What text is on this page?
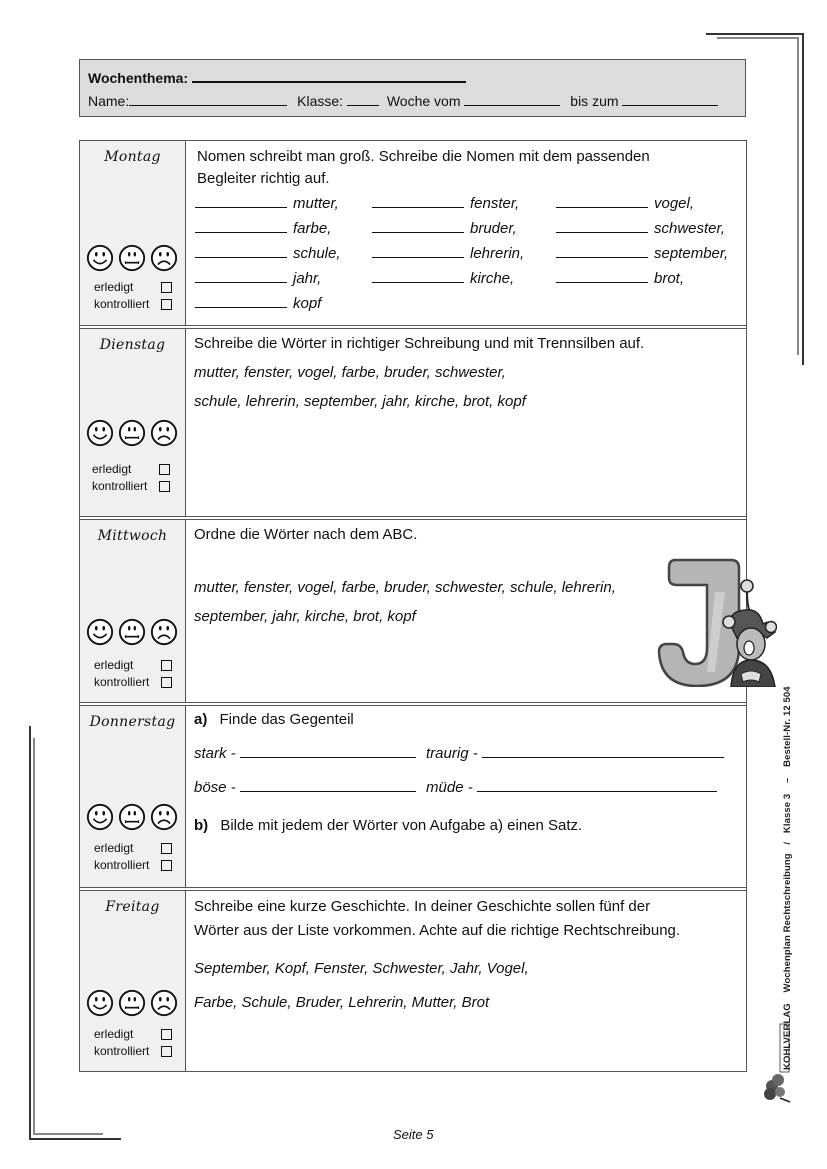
Wochenthema:
Name:	Klasse:	Woche vom	bis zum
Montag
erledigt
kontrolliert
Nomen schreibt man groß. Schreibe die Nomen mit dem passenden
Begleiter richtig auf.
mutter,	fenster,	vogel,
farbe,	bruder,	schwester,
schule,	lehrerin,	september,
jahr,	kirche,	brot,
kopf
Dienstag
erledigt
kontrolliert
Schreibe die Wörter in richtiger Schreibung und mit Trennsilben auf.
mutter, fenster, vogel, farbe, bruder, schwester,
schule, lehrerin, september, jahr, kirche, brot, kopf
Mittwoch
erledigt
kontrolliert
Ordne die Wörter nach dem ABC.
mutter, fenster, vogel, farbe, bruder, schwester, schule, lehrerin,
september, jahr, kirche, brot, kopf
Donnerstag
erledigt
kontrolliert
a) Finde das Gegenteil
stark -	traurig -
böse -	müde -
b) Bilde mit jedem der Wörter von Aufgabe a) einen Satz.
Freitag
erledigt
kontrolliert
Schreibe eine kurze Geschichte. In deiner Geschichte sollen fünf der
Wörter aus der Liste vorkommen. Achte auf die richtige Rechtschreibung.
September, Kopf, Fenster, Schwester, Jahr, Vogel,
Farbe, Schule, Bruder, Lehrerin, Mutter, Brot
KOHLVERLAG Wochenplan Rechtschreibung / Klasse 3 – Bestell-Nr. 12 504
Seite 5
